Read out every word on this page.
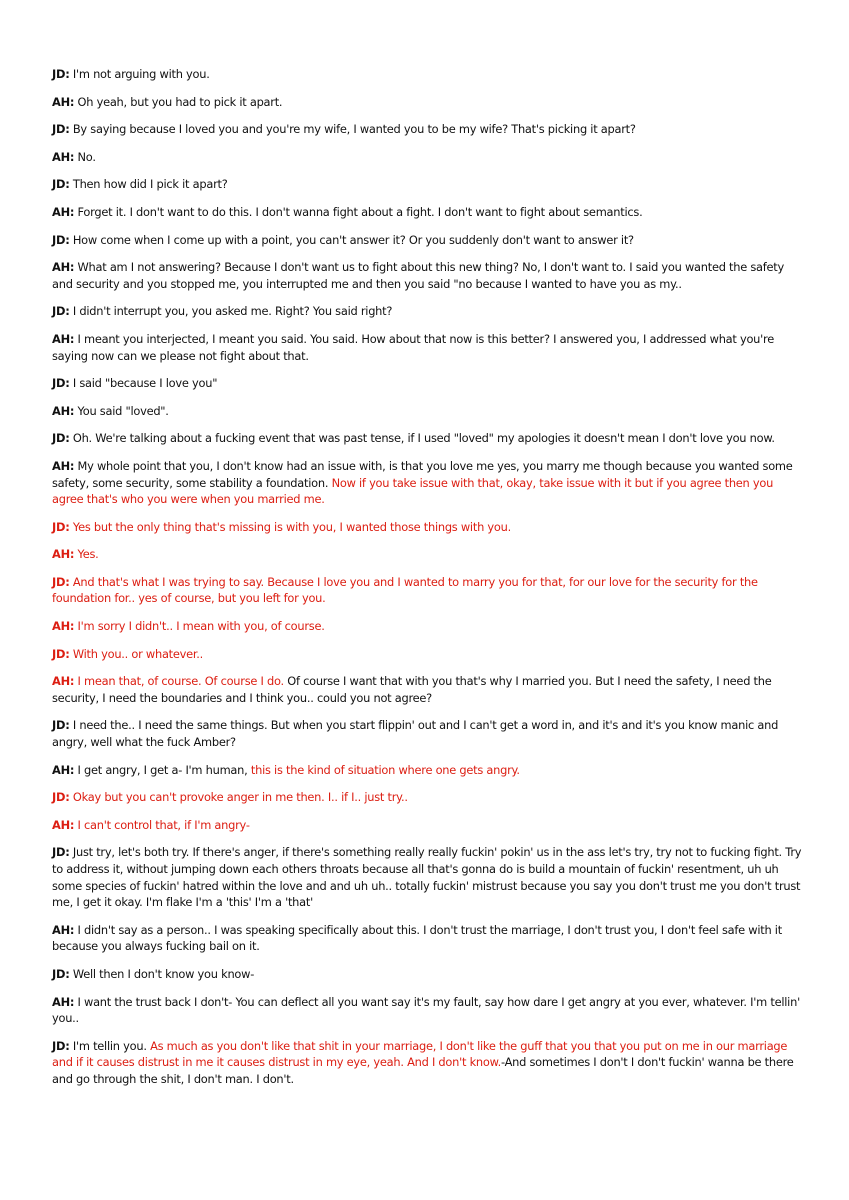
JD: I'm not arguing with you.

AH: Oh yeah, but you had to pick it apart.

JD: By saying because I loved you and you're my wife, I wanted you to be my wife? That's picking it apart?

AH: No.

JD: Then how did I pick it apart?

AH: Forget it. I don't want to do this. I don't wanna fight about a fight. I don't want to fight about semantics.

JD: How come when I come up with a point, you can't answer it? Or you suddenly don't want to answer it?

AH: What am I not answering? Because I don't want us to fight about this new thing? No, I don't want to. I said you wanted the safety and security and you stopped me, you interrupted me and then you said "no because I wanted to have you as my..

JD: I didn't interrupt you, you asked me. Right? You said right?

AH: I meant you interjected, I meant you said. You said. How about that now is this better? I answered you, I addressed what you're saying now can we please not fight about that.

JD: I said "because I love you"

AH: You said "loved".

JD: Oh. We're talking about a fucking event that was past tense, if I used "loved" my apologies it doesn't mean I don't love you now.

AH: My whole point that you, I don't know had an issue with, is that you love me yes, you marry me though because you wanted some safety, some security, some stability a foundation. Now if you take issue with that, okay, take issue with it but if you agree then you agree that's who you were when you married me.

JD: Yes but the only thing that's missing is with you, I wanted those things with you.

AH: Yes.

JD: And that's what I was trying to say. Because I love you and I wanted to marry you for that, for our love for the security for the foundation for.. yes of course, but you left for you.

AH: I'm sorry I didn't.. I mean with you, of course.

JD: With you.. or whatever..

AH: I mean that, of course. Of course I do. Of course I want that with you that's why I married you. But I need the safety, I need the security, I need the boundaries and I think you.. could you not agree?

JD: I need the.. I need the same things. But when you start flippin' out and I can't get a word in, and it's and it's you know manic and angry, well what the fuck Amber?

AH: I get angry, I get a- I'm human, this is the kind of situation where one gets angry.

JD: Okay but you can't provoke anger in me then. I.. if I.. just try..

AH: I can't control that, if I'm angry-

JD: Just try, let's both try. If there's anger, if there's something really really fuckin' pokin' us in the ass let's try, try not to fucking fight. Try to address it, without jumping down each others throats because all that's gonna do is build a mountain of fuckin' resentment, uh uh some species of fuckin' hatred within the love and and uh uh.. totally fuckin' mistrust because you say you don't trust me you don't trust me, I get it okay. I'm flake I'm a 'this' I'm a 'that'

AH: I didn't say as a person.. I was speaking specifically about this. I don't trust the marriage, I don't trust you, I don't feel safe with it because you always fucking bail on it.

JD: Well then I don't know you know-

AH: I want the trust back I don't- You can deflect all you want say it's my fault, say how dare I get angry at you ever, whatever. I'm tellin' you..

JD: I'm tellin you. As much as you don't like that shit in your marriage, I don't like the guff that you that you put on me in our marriage and if it causes distrust in me it causes distrust in my eye, yeah. And I don't know.-And sometimes I don't I don't fuckin' wanna be there and go through the shit, I don't man. I don't.
